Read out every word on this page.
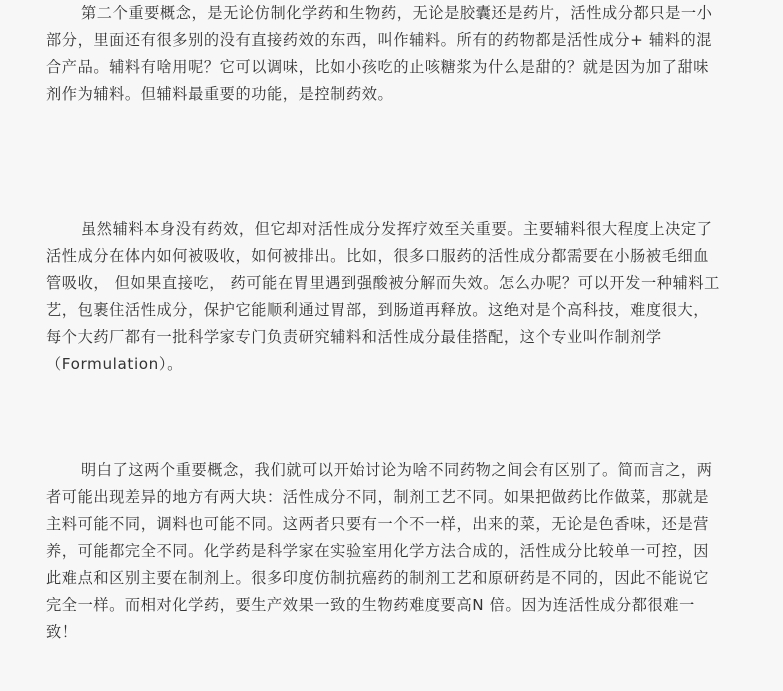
第二个重要概念，是无论仿制化学药和生物药，无论是胶囊还是药片，活性成分都只是一小
部分，里面还有很多别的没有直接药效的东西，叫作辅料。所有的药物都是活性成分+ 辅料的混
合产品。辅料有啥用呢？它可以调味，比如小孩吃的止咳糖浆为什么是甜的？就是因为加了甜味
剂作为辅料。但辅料最重要的功能，是控制药效。
虽然辅料本身没有药效，但它却对活性成分发挥疗效至关重要。主要辅料很大程度上决定了
活性成分在体内如何被吸收，如何被排出。比如，很多口服药的活性成分都需要在小肠被毛细血
管吸收， 但如果直接吃， 药可能在胃里遇到强酸被分解而失效。怎么办呢？可以开发一种辅料工
艺，包裹住活性成分，保护它能顺利通过胃部，到肠道再释放。这绝对是个高科技，难度很大，
每个大药厂都有一批科学家专门负责研究辅料和活性成分最佳搭配，这个专业叫作制剂学
（Formulation）。
明白了这两个重要概念，我们就可以开始讨论为啥不同药物之间会有区别了。简而言之，两
者可能出现差异的地方有两大块：活性成分不同，制剂工艺不同。如果把做药比作做菜，那就是
主料可能不同，调料也可能不同。这两者只要有一个不一样，出来的菜，无论是色香味，还是营
养，可能都完全不同。化学药是科学家在实验室用化学方法合成的，活性成分比较单一可控，因
此难点和区别主要在制剂上。很多印度仿制抗癌药的制剂工艺和原研药是不同的，因此不能说它
完全一样。而相对化学药，要生产效果一致的生物药难度要高N 倍。因为连活性成分都很难一
致！
